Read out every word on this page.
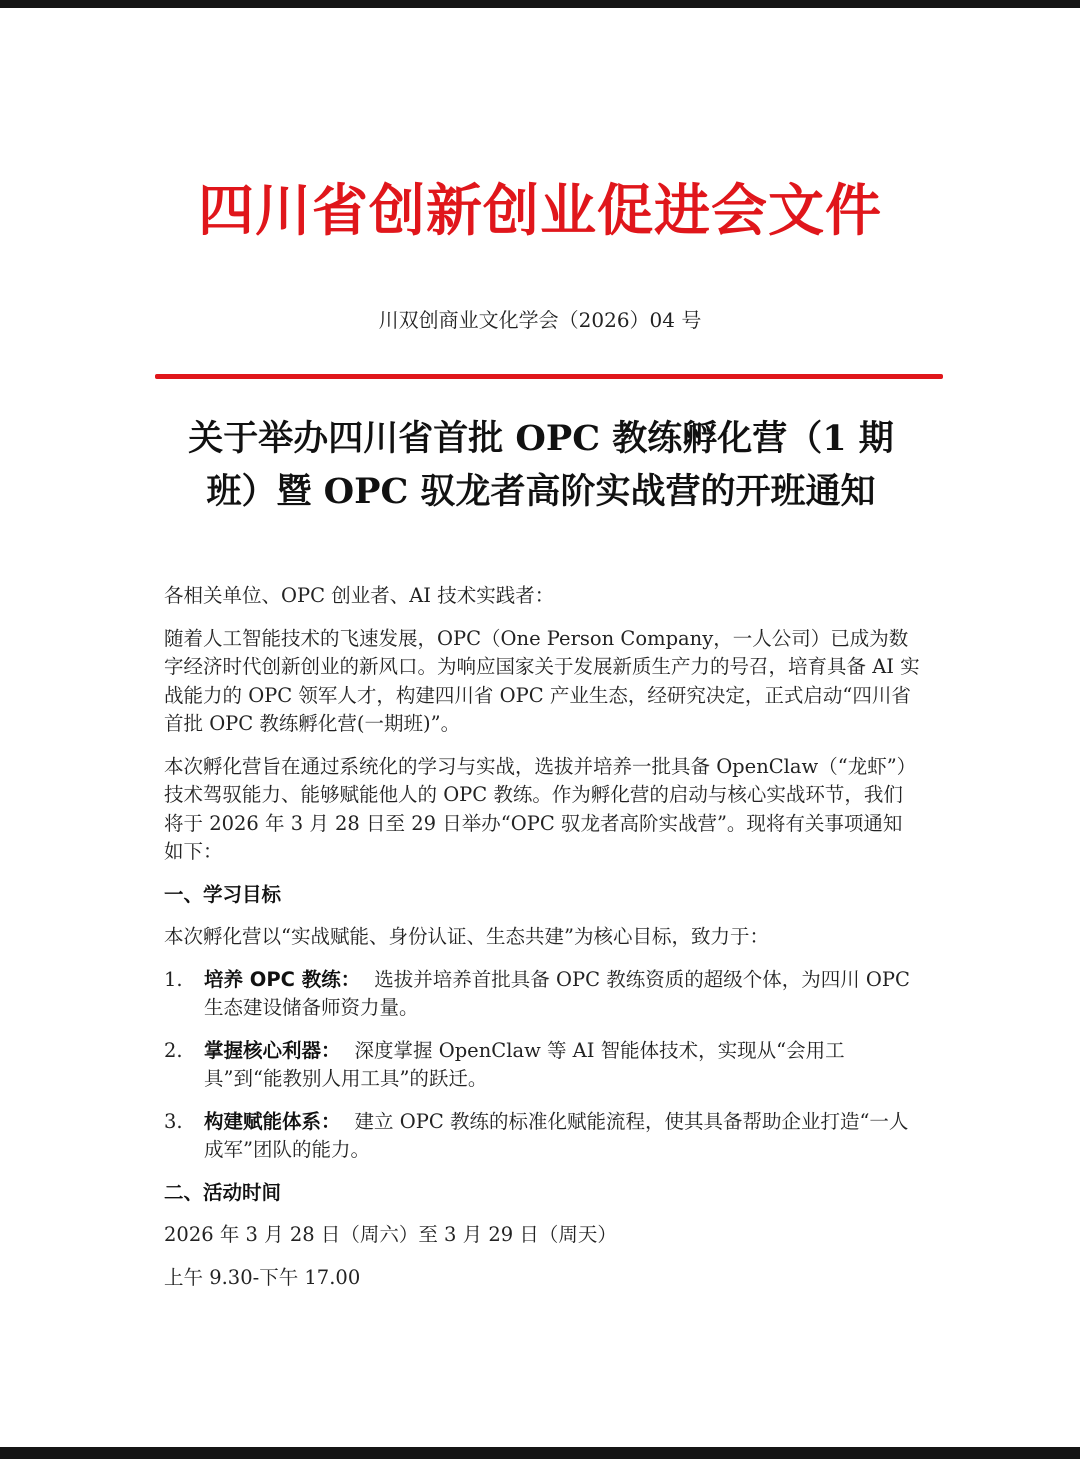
四川省创新创业促进会文件
川双创商业文化学会（2026）04 号
关于举办四川省首批 OPC 教练孵化营（1 期
班）暨 OPC 驭龙者高阶实战营的开班通知
各相关单位、OPC 创业者、AI 技术实践者：
随着人工智能技术的飞速发展，OPC（One Person Company，一人公司）已成为数字经济时代创新创业的新风口。为响应国家关于发展新质生产力的号召，培育具备 AI 实战能力的 OPC 领军人才，构建四川省 OPC 产业生态，经研究决定，正式启动“四川省首批 OPC 教练孵化营(一期班)”。
本次孵化营旨在通过系统化的学习与实战，选拔并培养一批具备 OpenClaw（“龙虾”）技术驾驭能力、能够赋能他人的 OPC 教练。作为孵化营的启动与核心实战环节，我们将于 2026 年 3 月 28 日至 29 日举办“OPC 驭龙者高阶实战营”。现将有关事项通知如下：
一、学习目标
本次孵化营以“实战赋能、身份认证、生态共建”为核心目标，致力于：
1.	培养 OPC 教练： 选拔并培养首批具备 OPC 教练资质的超级个体，为四川 OPC 生态建设储备师资力量。
2.	掌握核心利器： 深度掌握 OpenClaw 等 AI 智能体技术，实现从“会用工具”到“能教别人用工具”的跃迁。
3.	构建赋能体系： 建立 OPC 教练的标准化赋能流程，使其具备帮助企业打造“一人成军”团队的能力。
二、活动时间
2026 年 3 月 28 日（周六）至 3 月 29 日（周天）
上午 9.30-下午 17.00
